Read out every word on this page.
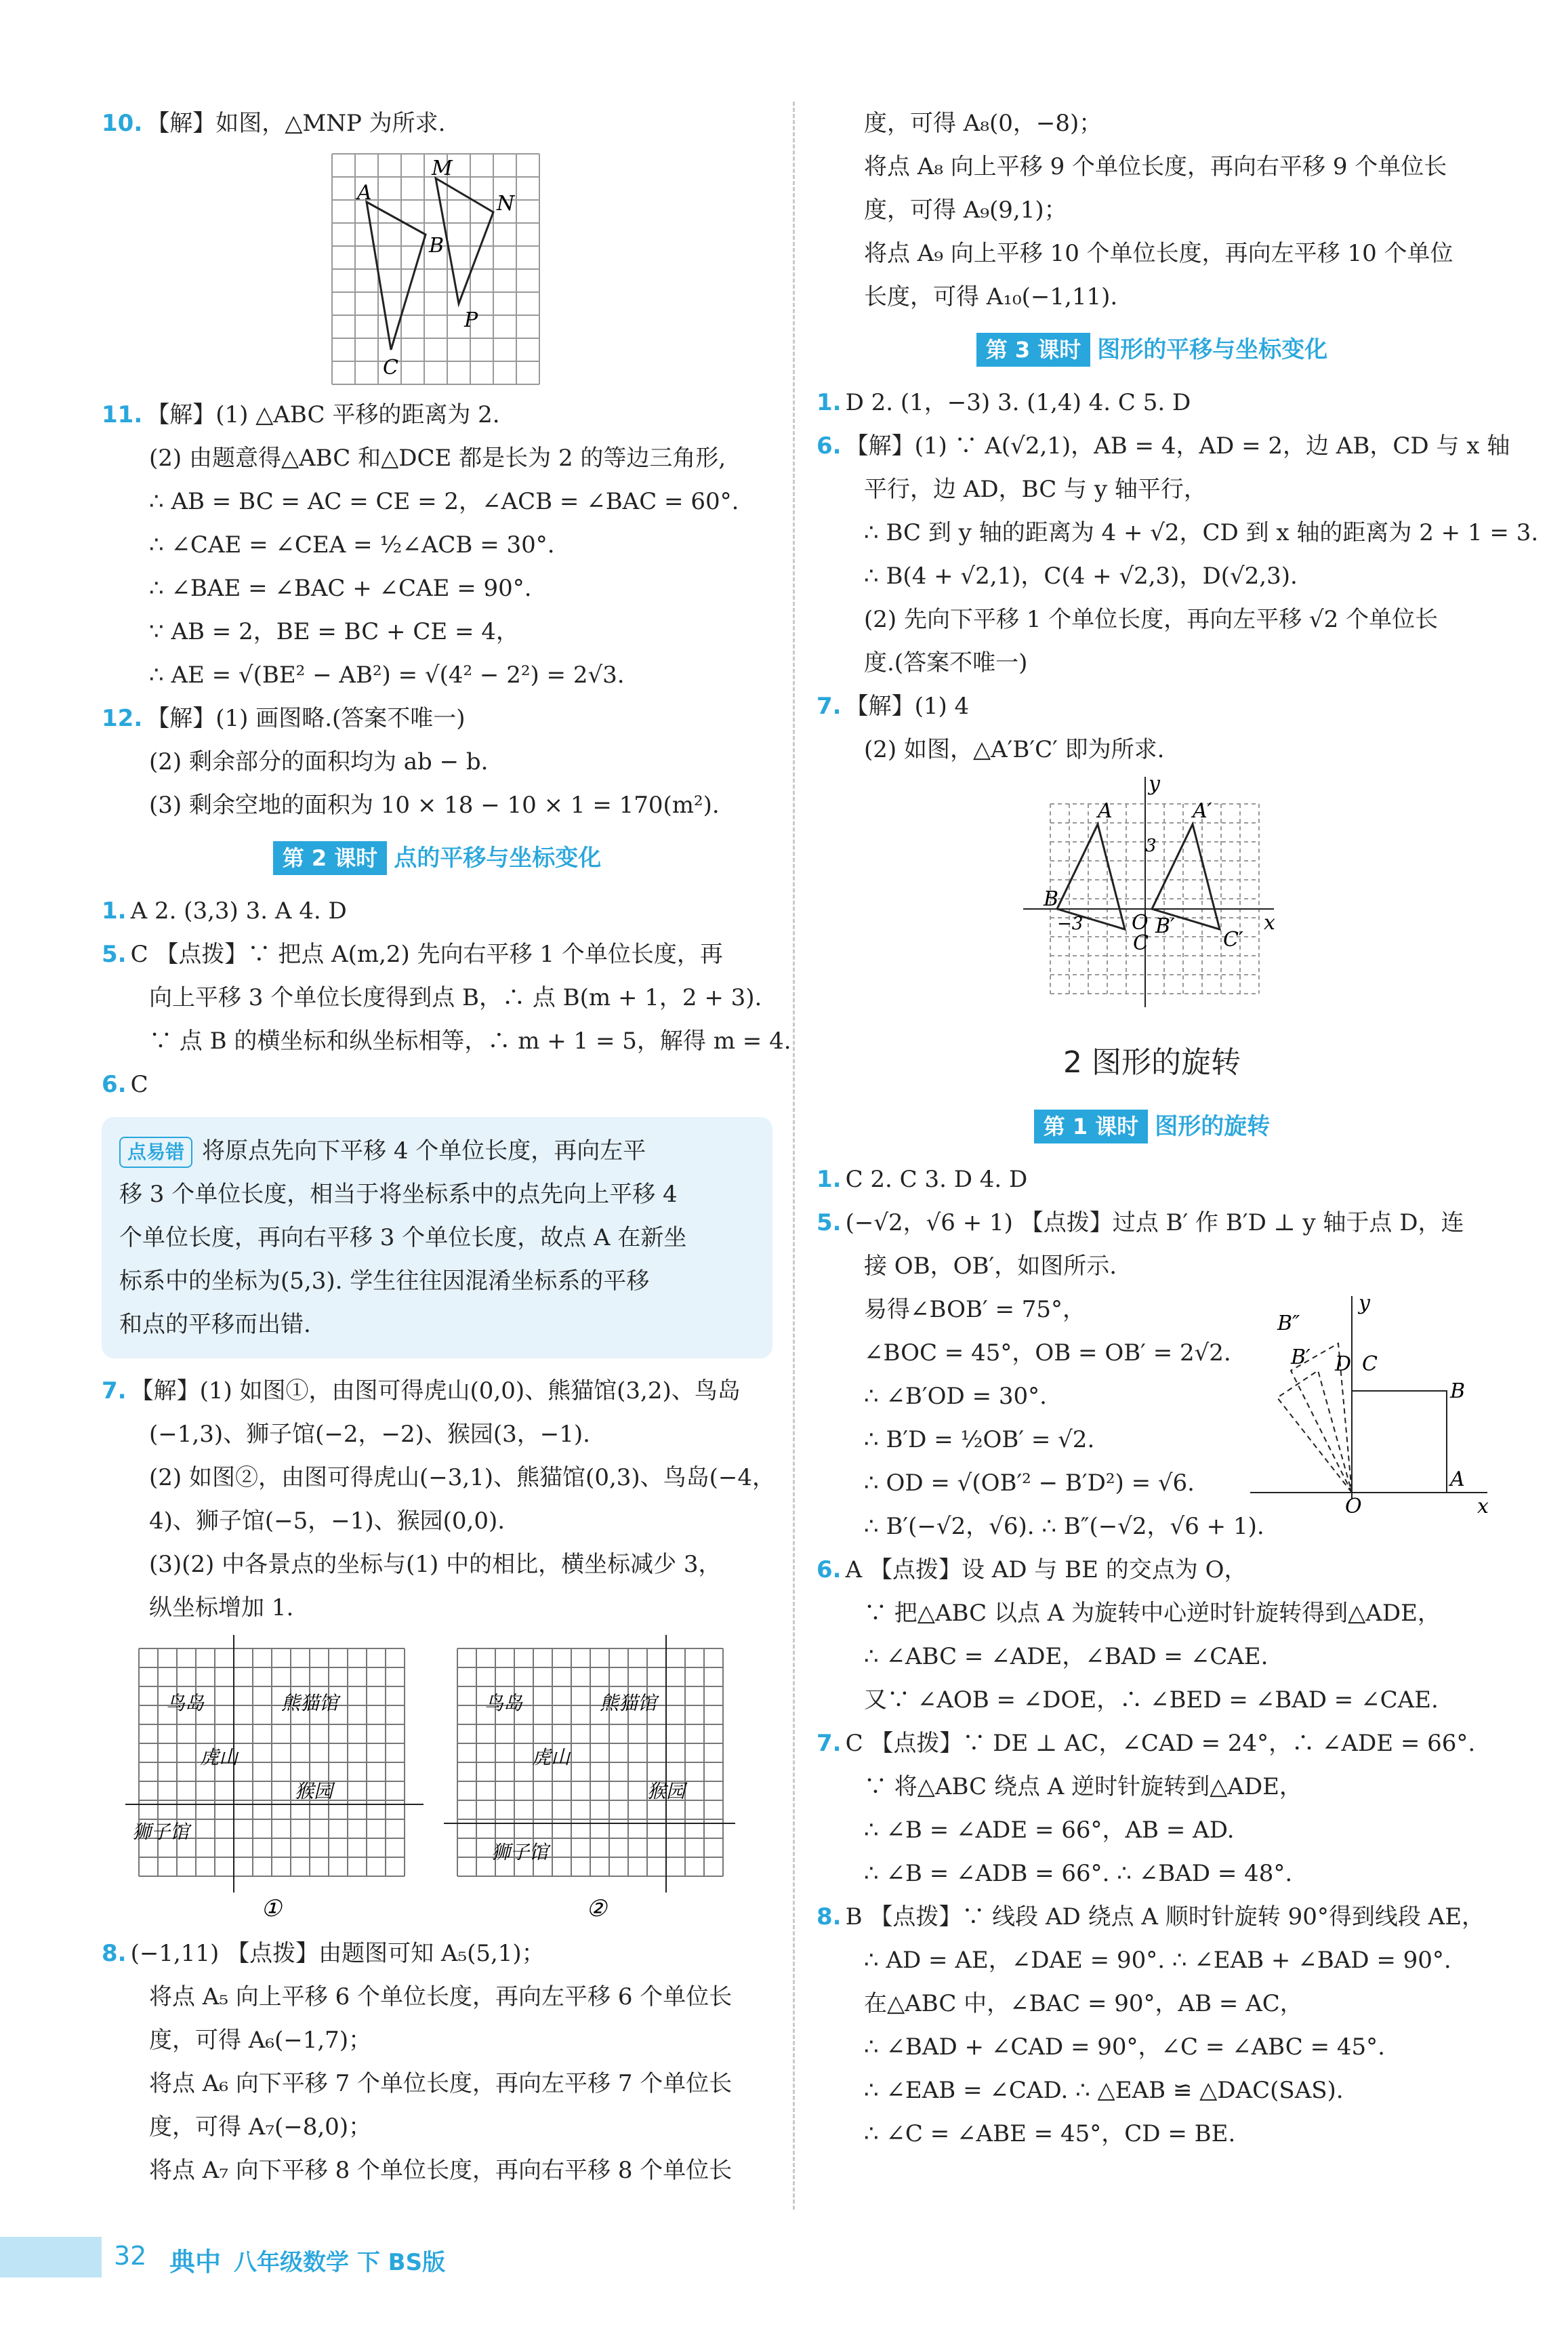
10. 【解】如图，△MNP 为所求.
A
M
N
B
P
C
11. 【解】(1) △ABC 平移的距离为 2.
(2) 由题意得△ABC 和△DCE 都是长为 2 的等边三角形,
∴ AB = BC = AC = CE = 2，∠ACB = ∠BAC = 60°.
∴ ∠CAE = ∠CEA = ½∠ACB = 30°.
∴ ∠BAE = ∠BAC + ∠CAE = 90°.
∵ AB = 2，BE = BC + CE = 4，
∴ AE = √(BE² − AB²) = √(4² − 2²) = 2√3.
12. 【解】(1) 画图略.(答案不唯一)
(2) 剩余部分的面积均为 ab − b.
(3) 剩余空地的面积为 10 × 18 − 10 × 1 = 170(m²).
第 2 课时 点的平移与坐标变化
1. A 2. (3,3) 3. A 4. D
5. C 【点拨】∵ 把点 A(m,2) 先向右平移 1 个单位长度，再
向上平移 3 个单位长度得到点 B，∴ 点 B(m + 1，2 + 3).
∵ 点 B 的横坐标和纵坐标相等，∴ m + 1 = 5，解得 m = 4.
6. C
点易错 将原点先向下平移 4 个单位长度，再向左平
移 3 个单位长度，相当于将坐标系中的点先向上平移 4
个单位长度，再向右平移 3 个单位长度，故点 A 在新坐
标系中的坐标为(5,3). 学生往往因混淆坐标系的平移
和点的平移而出错.
7. 【解】(1) 如图①，由图可得虎山(0,0)、熊猫馆(3,2)、鸟岛
(−1,3)、狮子馆(−2，−2)、猴园(3，−1).
(2) 如图②，由图可得虎山(−3,1)、熊猫馆(0,3)、鸟岛(−4，
4)、狮子馆(−5，−1)、猴园(0,0).
(3)(2) 中各景点的坐标与(1) 中的相比，横坐标减少 3，
纵坐标增加 1.
鸟岛	熊猫馆
虎山
猴园
狮子馆
鸟岛	熊猫馆
虎山
猴园
狮子馆
①	②
8. (−1,11) 【点拨】由题图可知 A₅(5,1)；
将点 A₅ 向上平移 6 个单位长度，再向左平移 6 个单位长
度，可得 A₆(−1,7)；
将点 A₆ 向下平移 7 个单位长度，再向左平移 7 个单位长
度，可得 A₇(−8,0)；
将点 A₇ 向下平移 8 个单位长度，再向右平移 8 个单位长
度，可得 A₈(0，−8)；
将点 A₈ 向上平移 9 个单位长度，再向右平移 9 个单位长
度，可得 A₉(9,1)；
将点 A₉ 向上平移 10 个单位长度，再向左平移 10 个单位
长度，可得 A₁₀(−1,11).
第 3 课时 图形的平移与坐标变化
1. D 2. (1，−3) 3. (1,4) 4. C 5. D
6. 【解】(1) ∵ A(√2,1)，AB = 4，AD = 2，边 AB，CD 与 x 轴
平行，边 AD，BC 与 y 轴平行，
∴ BC 到 y 轴的距离为 4 + √2，CD 到 x 轴的距离为 2 + 1 = 3.
∴ B(4 + √2,1)，C(4 + √2,3)，D(√2,3).
(2) 先向下平移 1 个单位长度，再向左平移 √2 个单位长
度.(答案不唯一)
7. 【解】(1) 4
(2) 如图，△A′B′C′ 即为所求.
A	A′
B
B′
O
C	C′
3
−3	x
y
2 图形的旋转
第 1 课时 图形的旋转
1. C 2. C 3. D 4. D
5. (−√2，√6 + 1) 【点拨】过点 B′ 作 B′D ⊥ y 轴于点 D，连
接 OB，OB′，如图所示.
易得∠BOB′ = 75°，
B″
B′ D C
B
A
O	x
y
∠BOC = 45°，OB = OB′ = 2√2.
∴ ∠B′OD = 30°.
∴ B′D = ½OB′ = √2.
∴ OD = √(OB′² − B′D²) = √6.
∴ B′(−√2，√6). ∴ B″(−√2，√6 + 1).
6. A 【点拨】设 AD 与 BE 的交点为 O，
∵ 把△ABC 以点 A 为旋转中心逆时针旋转得到△ADE，
∴ ∠ABC = ∠ADE，∠BAD = ∠CAE.
又∵ ∠AOB = ∠DOE，∴ ∠BED = ∠BAD = ∠CAE.
7. C 【点拨】∵ DE ⊥ AC，∠CAD = 24°，∴ ∠ADE = 66°.
∵ 将△ABC 绕点 A 逆时针旋转到△ADE，
∴ ∠B = ∠ADE = 66°，AB = AD.
∴ ∠B = ∠ADB = 66°. ∴ ∠BAD = 48°.
8. B 【点拨】∵ 线段 AD 绕点 A 顺时针旋转 90°得到线段 AE，
∴ AD = AE，∠DAE = 90°. ∴ ∠EAB + ∠BAD = 90°.
在△ABC 中，∠BAC = 90°，AB = AC，
∴ ∠BAD + ∠CAD = 90°，∠C = ∠ABC = 45°.
∴ ∠EAB = ∠CAD. ∴ △EAB ≌ △DAC(SAS).
∴ ∠C = ∠ABE = 45°，CD = BE.
32 典中 八年级数学 下 BS版
